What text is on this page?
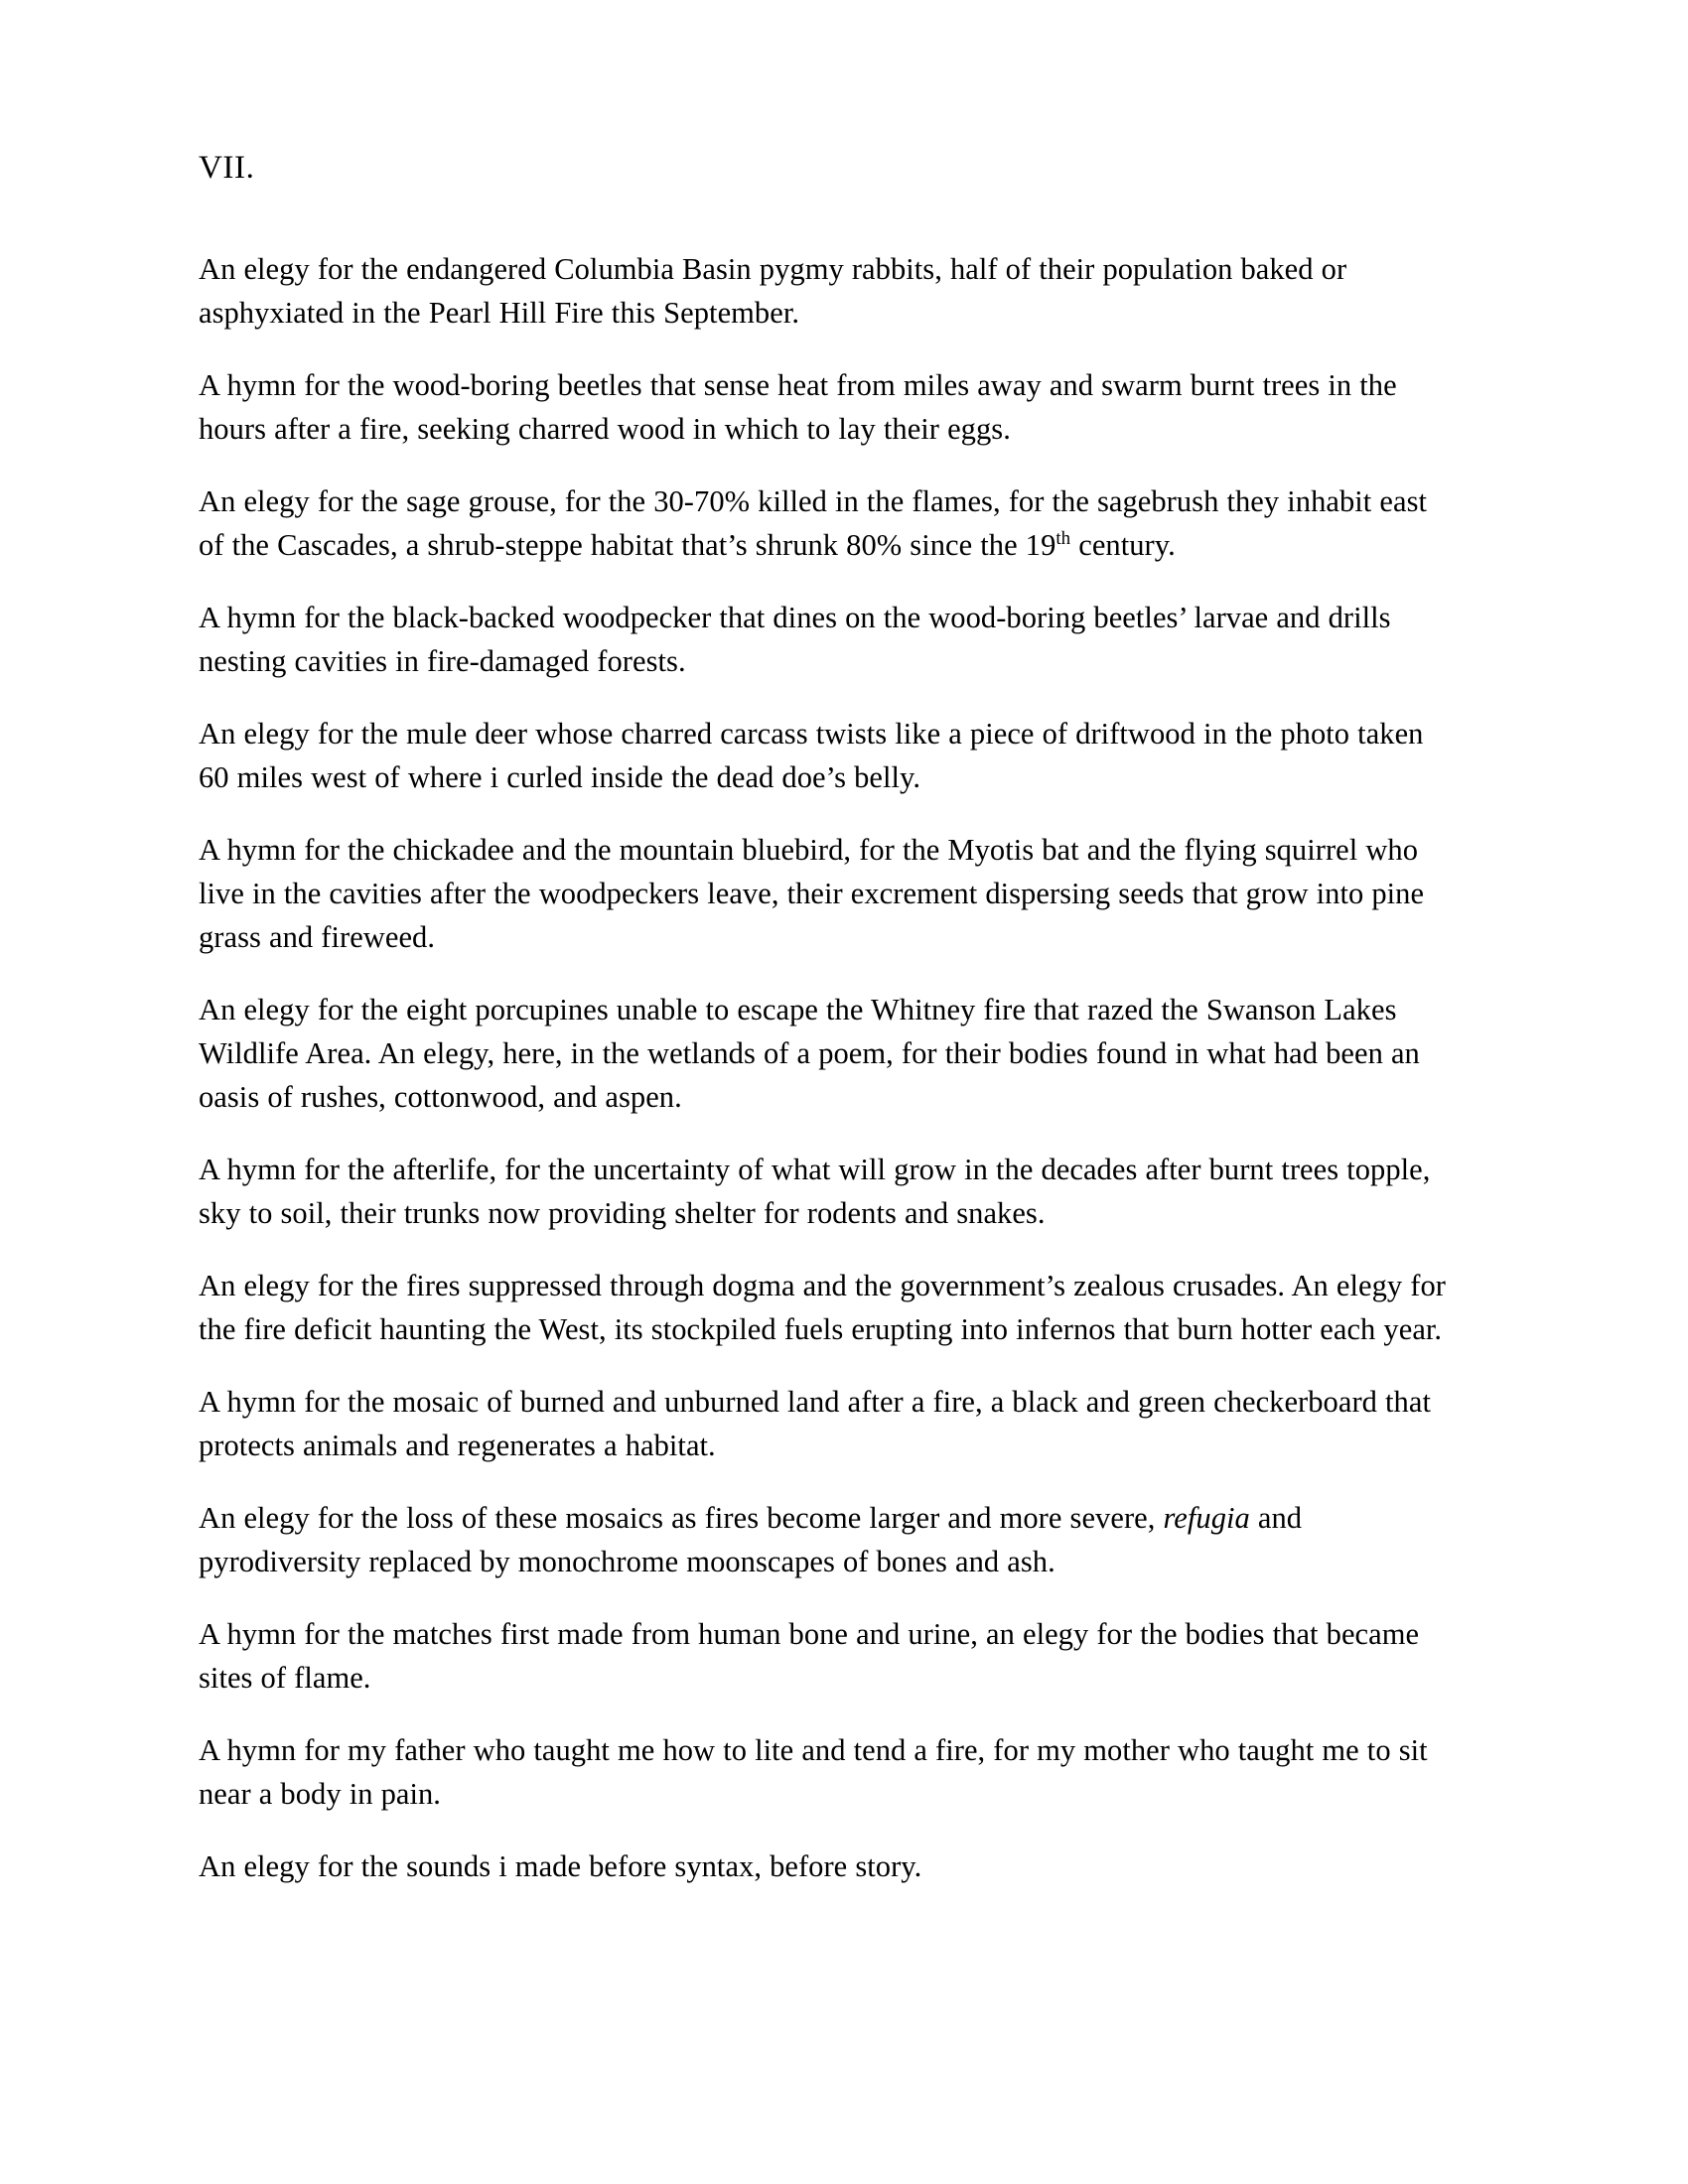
VII.

An elegy for the endangered Columbia Basin pygmy rabbits, half of their population baked or asphyxiated in the Pearl Hill Fire this September.

A hymn for the wood-boring beetles that sense heat from miles away and swarm burnt trees in the hours after a fire, seeking charred wood in which to lay their eggs.

An elegy for the sage grouse, for the 30-70% killed in the flames, for the sagebrush they inhabit east of the Cascades, a shrub-steppe habitat that’s shrunk 80% since the 19th century.

A hymn for the black-backed woodpecker that dines on the wood-boring beetles’ larvae and drills nesting cavities in fire-damaged forests.

An elegy for the mule deer whose charred carcass twists like a piece of driftwood in the photo taken 60 miles west of where i curled inside the dead doe’s belly.

A hymn for the chickadee and the mountain bluebird, for the Myotis bat and the flying squirrel who live in the cavities after the woodpeckers leave, their excrement dispersing seeds that grow into pine grass and fireweed.

An elegy for the eight porcupines unable to escape the Whitney fire that razed the Swanson Lakes Wildlife Area. An elegy, here, in the wetlands of a poem, for their bodies found in what had been an oasis of rushes, cottonwood, and aspen.

A hymn for the afterlife, for the uncertainty of what will grow in the decades after burnt trees topple, sky to soil, their trunks now providing shelter for rodents and snakes.

An elegy for the fires suppressed through dogma and the government’s zealous crusades. An elegy for the fire deficit haunting the West, its stockpiled fuels erupting into infernos that burn hotter each year.

A hymn for the mosaic of burned and unburned land after a fire, a black and green checkerboard that protects animals and regenerates a habitat.

An elegy for the loss of these mosaics as fires become larger and more severe, refugia and pyrodiversity replaced by monochrome moonscapes of bones and ash.

A hymn for the matches first made from human bone and urine, an elegy for the bodies that became sites of flame.

A hymn for my father who taught me how to lite and tend a fire, for my mother who taught me to sit near a body in pain.

An elegy for the sounds i made before syntax, before story.
